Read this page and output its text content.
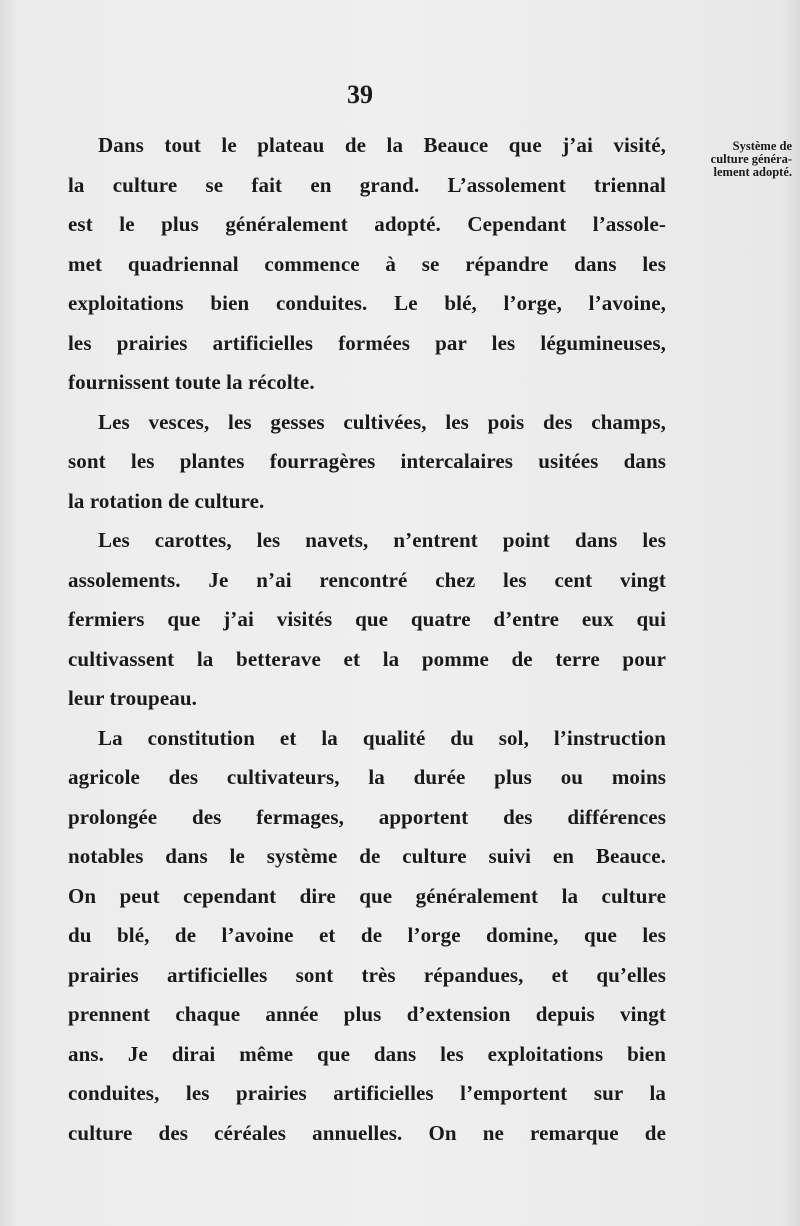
39
Système de
culture généra-
lement adopté.
Dans tout le plateau de la Beauce que j’ai visité,
la culture se fait en grand. L’assolement triennal
est le plus généralement adopté. Cependant l’assole-
met quadriennal commence à se répandre dans les
exploitations bien conduites. Le blé, l’orge, l’avoine,
les prairies artificielles formées par les légumineuses,
fournissent toute la récolte.
Les vesces, les gesses cultivées, les pois des champs,
sont les plantes fourragères intercalaires usitées dans
la rotation de culture.
Les carottes, les navets, n’entrent point dans les
assolements. Je n’ai rencontré chez les cent vingt
fermiers que j’ai visités que quatre d’entre eux qui
cultivassent la betterave et la pomme de terre pour
leur troupeau.
La constitution et la qualité du sol, l’instruction
agricole des cultivateurs, la durée plus ou moins
prolongée des fermages, apportent des différences
notables dans le système de culture suivi en Beauce.
On peut cependant dire que généralement la culture
du blé, de l’avoine et de l’orge domine, que les
prairies artificielles sont très répandues, et qu’elles
prennent chaque année plus d’extension depuis vingt
ans. Je dirai même que dans les exploitations bien
conduites, les prairies artificielles l’emportent sur la
culture des céréales annuelles. On ne remarque de
